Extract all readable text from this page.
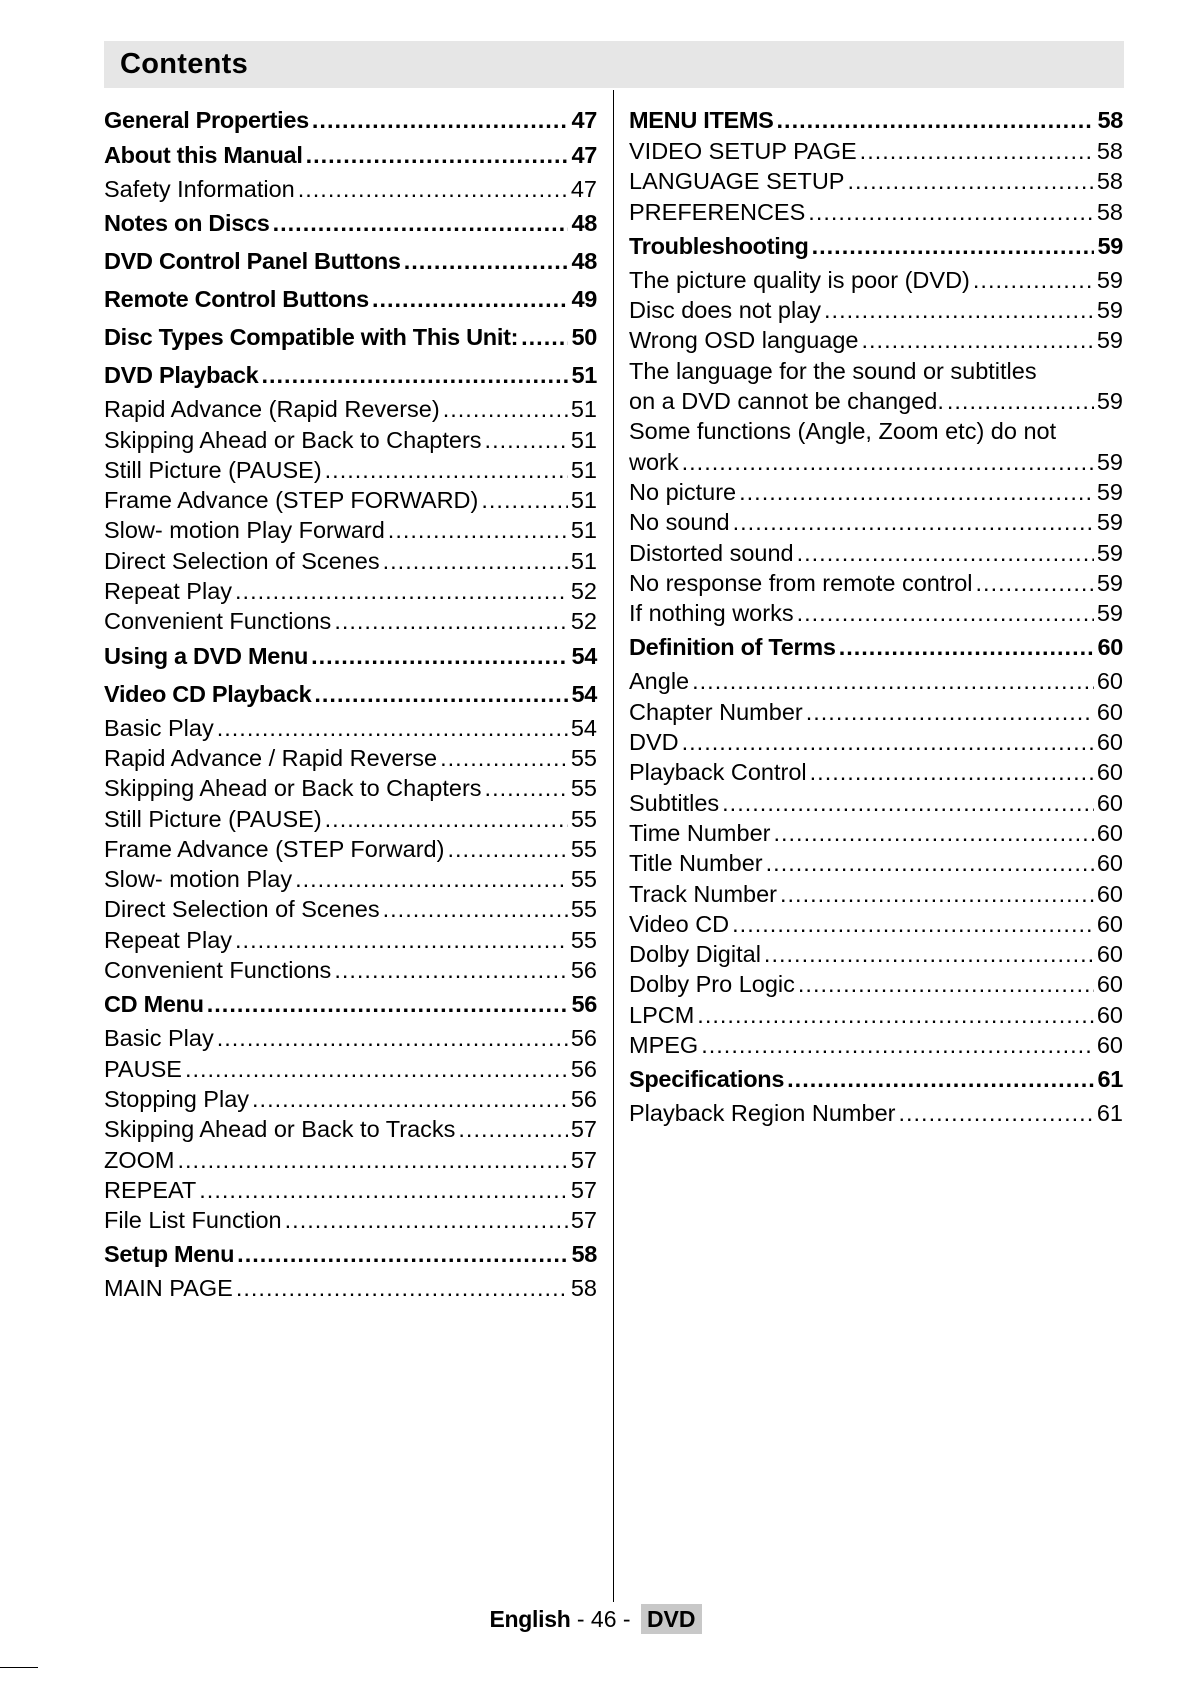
Contents
General Properties .....	47
About this Manual .....	47
Safety Information .....	47
Notes on Discs .....	48
DVD Control Panel Buttons .....	48
Remote Control Buttons .....	49
Disc Types Compatible with This Unit: ..... 50
DVD Playback .....	51
Rapid Advance (Rapid Reverse) .....	51
Skipping Ahead or Back to Chapters .....	51
Still Picture (PAUSE) .....	51
Frame Advance (STEP FORWARD) .....	51
Slow- motion Play Forward .....	51
Direct Selection of Scenes .....	51
Repeat Play .....	52
Convenient Functions .....	52
Using a DVD Menu .....	54
Video CD Playback .....	54
Basic Play .....	54
Rapid Advance / Rapid Reverse .....	55
Skipping Ahead or Back to Chapters .....	55
Still Picture (PAUSE) .....	55
Frame Advance (STEP Forward) .....	55
Slow- motion Play .....	55
Direct Selection of Scenes .....	55
Repeat Play .....	55
Convenient Functions .....	56
CD Menu .....	56
Basic Play .....	56
PAUSE .....	56
Stopping Play .....	56
Skipping Ahead or Back to Tracks .....	57
ZOOM .....	57
REPEAT .....	57
File List Function .....	57
Setup Menu .....	58
MAIN PAGE .....	58
MENU ITEMS .....	58
VIDEO SETUP PAGE .....	58
LANGUAGE SETUP .....	58
PREFERENCES .....	58
Troubleshooting .....	59
The picture quality is poor (DVD) .....	59
Disc does not play .....	59
Wrong OSD language .....	59
The language for the sound or subtitles
on a DVD cannot be changed. .....	59
Some functions (Angle, Zoom etc) do not
work .....	59
No picture .....	59
No sound .....	59
Distorted sound .....	59
No response from remote control .....	59
If nothing works .....	59
Definition of Terms .....	60
Angle .....	60
Chapter Number .....	60
DVD .....	60
Playback Control .....	60
Subtitles .....	60
Time Number .....	60
Title Number .....	60
Track Number .....	60
Video CD .....	60
Dolby Digital .....	60
Dolby Pro Logic .....	60
LPCM .....	60
MPEG .....	60
Specifications .....	61
Playback Region Number .....	61
English - 46 - DVD
